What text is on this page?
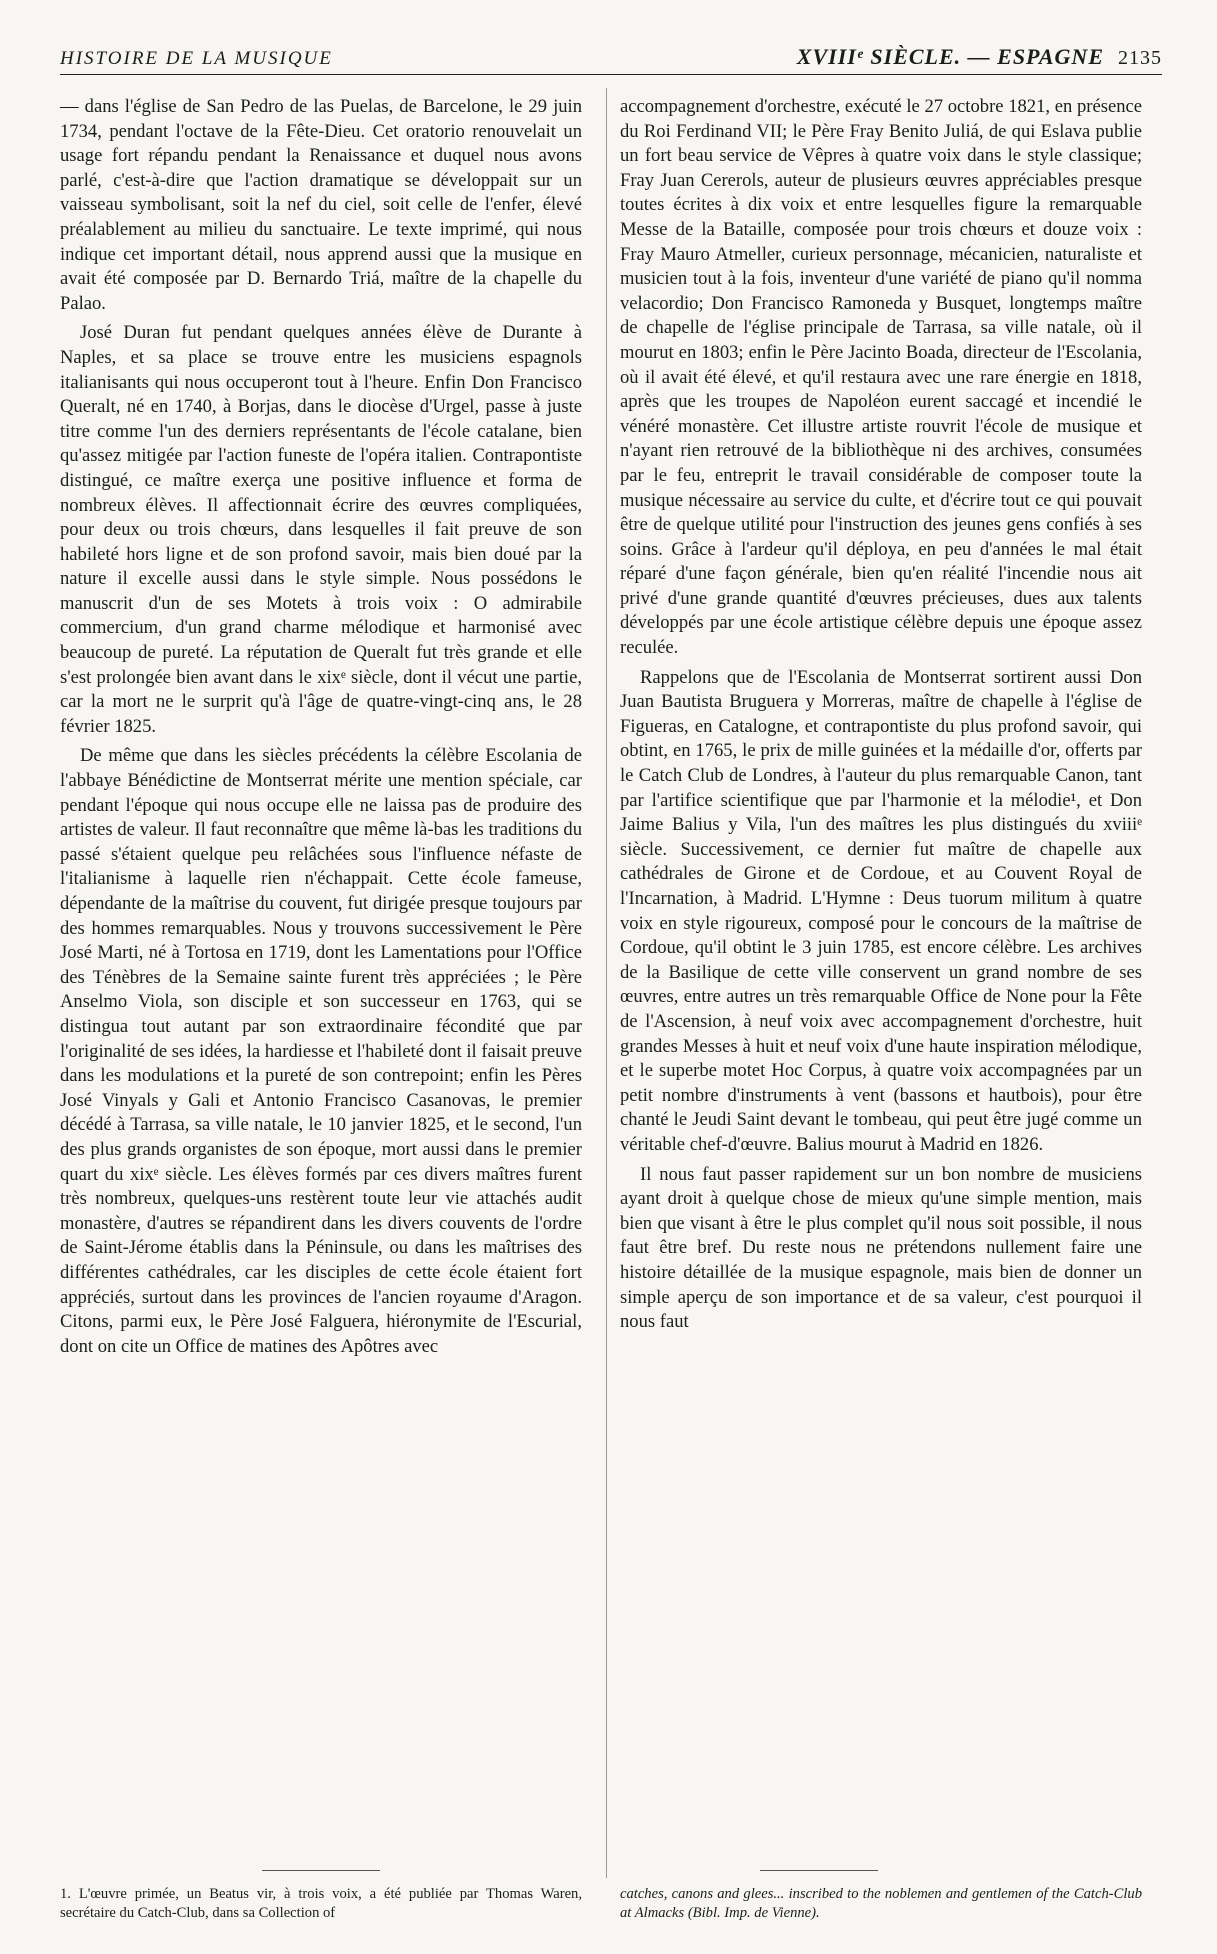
HISTOIRE DE LA MUSIQUE	XVIIIᵉ SIÈCLE. — ESPAGNE 2135

— dans l'église de San Pedro de las Puelas, de Barcelone, le 29 juin 1734, pendant l'octave de la Fête-Dieu. Cet oratorio renouvelait un usage fort répandu pendant la Renaissance et duquel nous avons parlé, c'est-à-dire que l'action dramatique se développait sur un vaisseau symbolisant, soit la nef du ciel, soit celle de l'enfer, élevé préalablement au milieu du sanctuaire. Le texte imprimé, qui nous indique cet important détail, nous apprend aussi que la musique en avait été composée par D. Bernardo Triá, maître de la chapelle du Palao.

José Duran fut pendant quelques années élève de Durante à Naples, et sa place se trouve entre les musiciens espagnols italianisants qui nous occuperont tout à l'heure. Enfin Don Francisco Queralt, né en 1740, à Borjas, dans le diocèse d'Urgel, passe à juste titre comme l'un des derniers représentants de l'école catalane, bien qu'assez mitigée par l'action funeste de l'opéra italien. Contrapontiste distingué, ce maître exerça une positive influence et forma de nombreux élèves. Il affectionnait écrire des œuvres compliquées, pour deux ou trois chœurs, dans lesquelles il fait preuve de son habileté hors ligne et de son profond savoir, mais bien doué par la nature il excelle aussi dans le style simple. Nous possédons le manuscrit d'un de ses Motets à trois voix : O admirabile commercium, d'un grand charme mélodique et harmonisé avec beaucoup de pureté. La réputation de Queralt fut très grande et elle s'est prolongée bien avant dans le xixᵉ siècle, dont il vécut une partie, car la mort ne le surprit qu'à l'âge de quatre-vingt-cinq ans, le 28 février 1825.

De même que dans les siècles précédents la célèbre Escolania de l'abbaye Bénédictine de Montserrat mérite une mention spéciale, car pendant l'époque qui nous occupe elle ne laissa pas de produire des artistes de valeur. Il faut reconnaître que même là-bas les traditions du passé s'étaient quelque peu relâchées sous l'influence néfaste de l'italianisme à laquelle rien n'échappait. Cette école fameuse, dépendante de la maîtrise du couvent, fut dirigée presque toujours par des hommes remarquables. Nous y trouvons successivement le Père José Marti, né à Tortosa en 1719, dont les Lamentations pour l'Office des Ténèbres de la Semaine sainte furent très appréciées ; le Père Anselmo Viola, son disciple et son successeur en 1763, qui se distingua tout autant par son extraordinaire fécondité que par l'originalité de ses idées, la hardiesse et l'habileté dont il faisait preuve dans les modulations et la pureté de son contrepoint; enfin les Pères José Vinyals y Gali et Antonio Francisco Casanovas, le premier décédé à Tarrasa, sa ville natale, le 10 janvier 1825, et le second, l'un des plus grands organistes de son époque, mort aussi dans le premier quart du xixᵉ siècle. Les élèves formés par ces divers maîtres furent très nombreux, quelques-uns restèrent toute leur vie attachés audit monastère, d'autres se répandirent dans les divers couvents de l'ordre de Saint-Jérome établis dans la Péninsule, ou dans les maîtrises des différentes cathédrales, car les disciples de cette école étaient fort appréciés, surtout dans les provinces de l'ancien royaume d'Aragon. Citons, parmi eux, le Père José Falguera, hiéronymite de l'Escurial, dont on cite un Office de matines des Apôtres avec

accompagnement d'orchestre, exécuté le 27 octobre 1821, en présence du Roi Ferdinand VII; le Père Fray Benito Juliá, de qui Eslava publie un fort beau service de Vêpres à quatre voix dans le style classique; Fray Juan Cererols, auteur de plusieurs œuvres appréciables presque toutes écrites à dix voix et entre lesquelles figure la remarquable Messe de la Bataille, composée pour trois chœurs et douze voix : Fray Mauro Atmeller, curieux personnage, mécanicien, naturaliste et musicien tout à la fois, inventeur d'une variété de piano qu'il nomma velacordio; Don Francisco Ramoneda y Busquet, longtemps maître de chapelle de l'église principale de Tarrasa, sa ville natale, où il mourut en 1803; enfin le Père Jacinto Boada, directeur de l'Escolania, où il avait été élevé, et qu'il restaura avec une rare énergie en 1818, après que les troupes de Napoléon eurent saccagé et incendié le vénéré monastère. Cet illustre artiste rouvrit l'école de musique et n'ayant rien retrouvé de la bibliothèque ni des archives, consumées par le feu, entreprit le travail considérable de composer toute la musique nécessaire au service du culte, et d'écrire tout ce qui pouvait être de quelque utilité pour l'instruction des jeunes gens confiés à ses soins. Grâce à l'ardeur qu'il déploya, en peu d'années le mal était réparé d'une façon générale, bien qu'en réalité l'incendie nous ait privé d'une grande quantité d'œuvres précieuses, dues aux talents développés par une école artistique célèbre depuis une époque assez reculée.

Rappelons que de l'Escolania de Montserrat sortirent aussi Don Juan Bautista Bruguera y Morreras, maître de chapelle à l'église de Figueras, en Catalogne, et contrapontiste du plus profond savoir, qui obtint, en 1765, le prix de mille guinées et la médaille d'or, offerts par le Catch Club de Londres, à l'auteur du plus remarquable Canon, tant par l'artifice scientifique que par l'harmonie et la mélodie¹, et Don Jaime Balius y Vila, l'un des maîtres les plus distingués du xviiiᵉ siècle. Successivement, ce dernier fut maître de chapelle aux cathédrales de Girone et de Cordoue, et au Couvent Royal de l'Incarnation, à Madrid. L'Hymne : Deus tuorum militum à quatre voix en style rigoureux, composé pour le concours de la maîtrise de Cordoue, qu'il obtint le 3 juin 1785, est encore célèbre. Les archives de la Basilique de cette ville conservent un grand nombre de ses œuvres, entre autres un très remarquable Office de None pour la Fête de l'Ascension, à neuf voix avec accompagnement d'orchestre, huit grandes Messes à huit et neuf voix d'une haute inspiration mélodique, et le superbe motet Hoc Corpus, à quatre voix accompagnées par un petit nombre d'instruments à vent (bassons et hautbois), pour être chanté le Jeudi Saint devant le tombeau, qui peut être jugé comme un véritable chef-d'œuvre. Balius mourut à Madrid en 1826.

Il nous faut passer rapidement sur un bon nombre de musiciens ayant droit à quelque chose de mieux qu'une simple mention, mais bien que visant à être le plus complet qu'il nous soit possible, il nous faut être bref. Du reste nous ne prétendons nullement faire une histoire détaillée de la musique espagnole, mais bien de donner un simple aperçu de son importance et de sa valeur, c'est pourquoi il nous faut

1. L'œuvre primée, un Beatus vir, à trois voix, a été publiée par Thomas Waren, secrétaire du Catch-Club, dans sa Collection of
catches, canons and glees... inscribed to the noblemen and gentlemen of the Catch-Club at Almacks (Bibl. Imp. de Vienne).
